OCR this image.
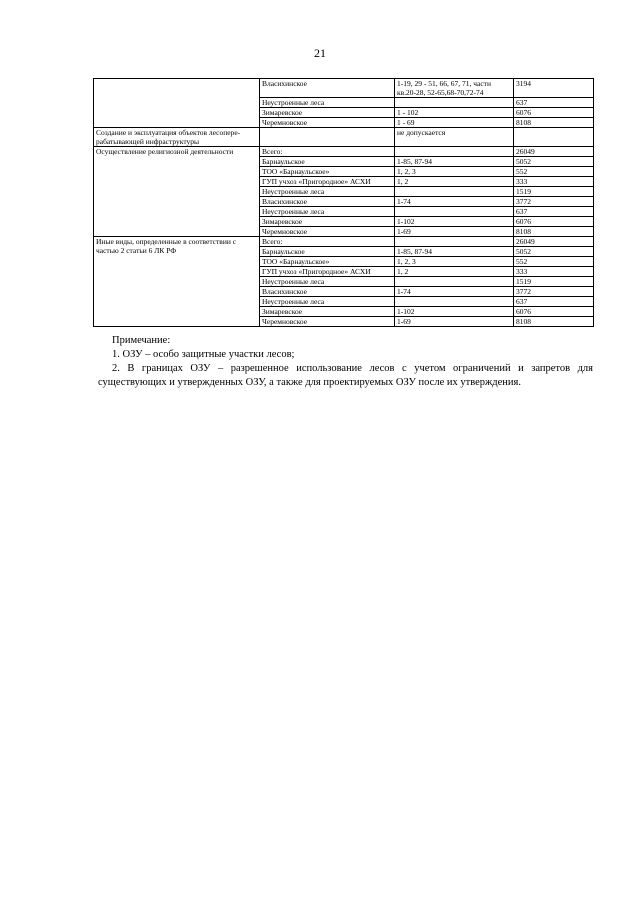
21
	Власихинское	1-19, 29 - 51, 66, 67, 71, части кв.20-28, 52-65,68-70,72-74	3194
	Неустроенные леса		637
	Зимаревское	1 - 102	6076
	Черемновское	1 - 69	8108
Создание и эксплуатация объектов лесопере-рабатывающей инфраструктуры		не допускается	
Осуществление религиозной деятельности	Всего:		26049
	Барнаульское	1-85, 87-94	5052
	ТОО «Барнаульское»	1, 2, 3	552
	ГУП учхоз «Пригородное» АСХИ	1, 2	333
	Неустроенные леса		1519
	Власихинское	1-74	3772
	Неустроенные леса		637
	Зимаревское	1-102	6076
	Черемновское	1-69	8108
Иные виды, определенные в соответствии с частью 2 статьи 6 ЛК РФ	Всего:		26049
	Барнаульское	1-85, 87-94	5052
	ТОО «Барнаульское»	1, 2, 3	552
	ГУП учхоз «Пригородное» АСХИ	1, 2	333
	Неустроенные леса		1519
	Власихинское	1-74	3772
	Неустроенные леса		637
	Зимаревское	1-102	6076
	Черемновское	1-69	8108

Примечание:

1. ОЗУ – особо защитные участки лесов;

2. В границах ОЗУ – разрешенное использование лесов с учетом ограничений и запретов для существующих и утвержденных ОЗУ, а также для проектируемых ОЗУ после их утверждения.
